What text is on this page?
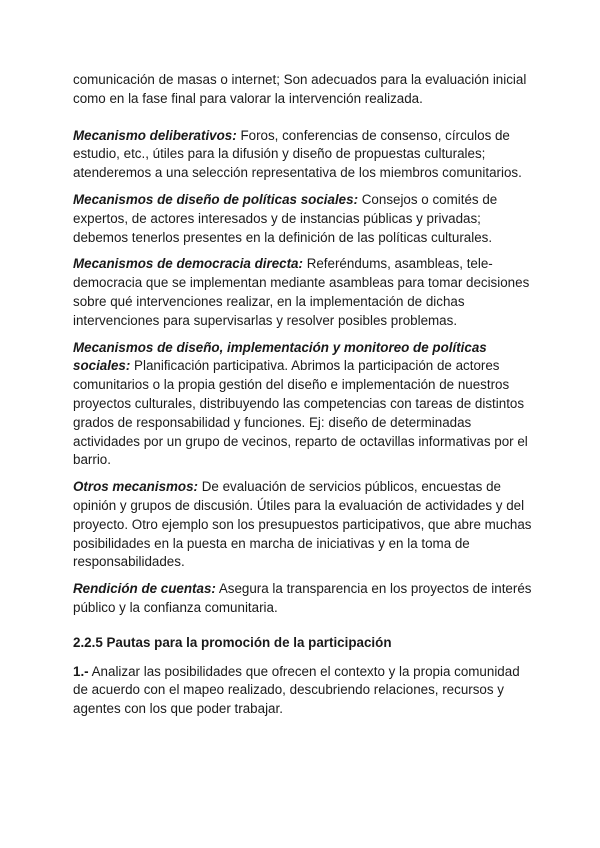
comunicación de masas o internet; Son adecuados para la evaluación inicial como en la fase final para valorar la intervención realizada.

Mecanismo deliberativos: Foros, conferencias de consenso, círculos de estudio, etc., útiles para la difusión y diseño de propuestas culturales; atenderemos a una selección representativa de los miembros comunitarios.

Mecanismos de diseño de políticas sociales: Consejos o comités de expertos, de actores interesados y de instancias públicas y privadas; debemos tenerlos presentes en la definición de las políticas culturales.

Mecanismos de democracia directa: Referéndums, asambleas, tele-democracia que se implementan mediante asambleas para tomar decisiones sobre qué intervenciones realizar, en la implementación de dichas intervenciones para supervisarlas y resolver posibles problemas.

Mecanismos de diseño, implementación y monitoreo de políticas sociales: Planificación participativa. Abrimos la participación de actores comunitarios o la propia gestión del diseño e implementación de nuestros proyectos culturales, distribuyendo las competencias con tareas de distintos grados de responsabilidad y funciones. Ej: diseño de determinadas actividades por un grupo de vecinos, reparto de octavillas informativas por el barrio.

Otros mecanismos: De evaluación de servicios públicos, encuestas de opinión y grupos de discusión. Útiles para la evaluación de actividades y del proyecto. Otro ejemplo son los presupuestos participativos, que abre muchas posibilidades en la puesta en marcha de iniciativas y en la toma de responsabilidades.

Rendición de cuentas: Asegura la transparencia en los proyectos de interés público y la confianza comunitaria.

2.2.5 Pautas para la promoción de la participación

1.- Analizar las posibilidades que ofrecen el contexto y la propia comunidad de acuerdo con el mapeo realizado, descubriendo relaciones, recursos y agentes con los que poder trabajar.
